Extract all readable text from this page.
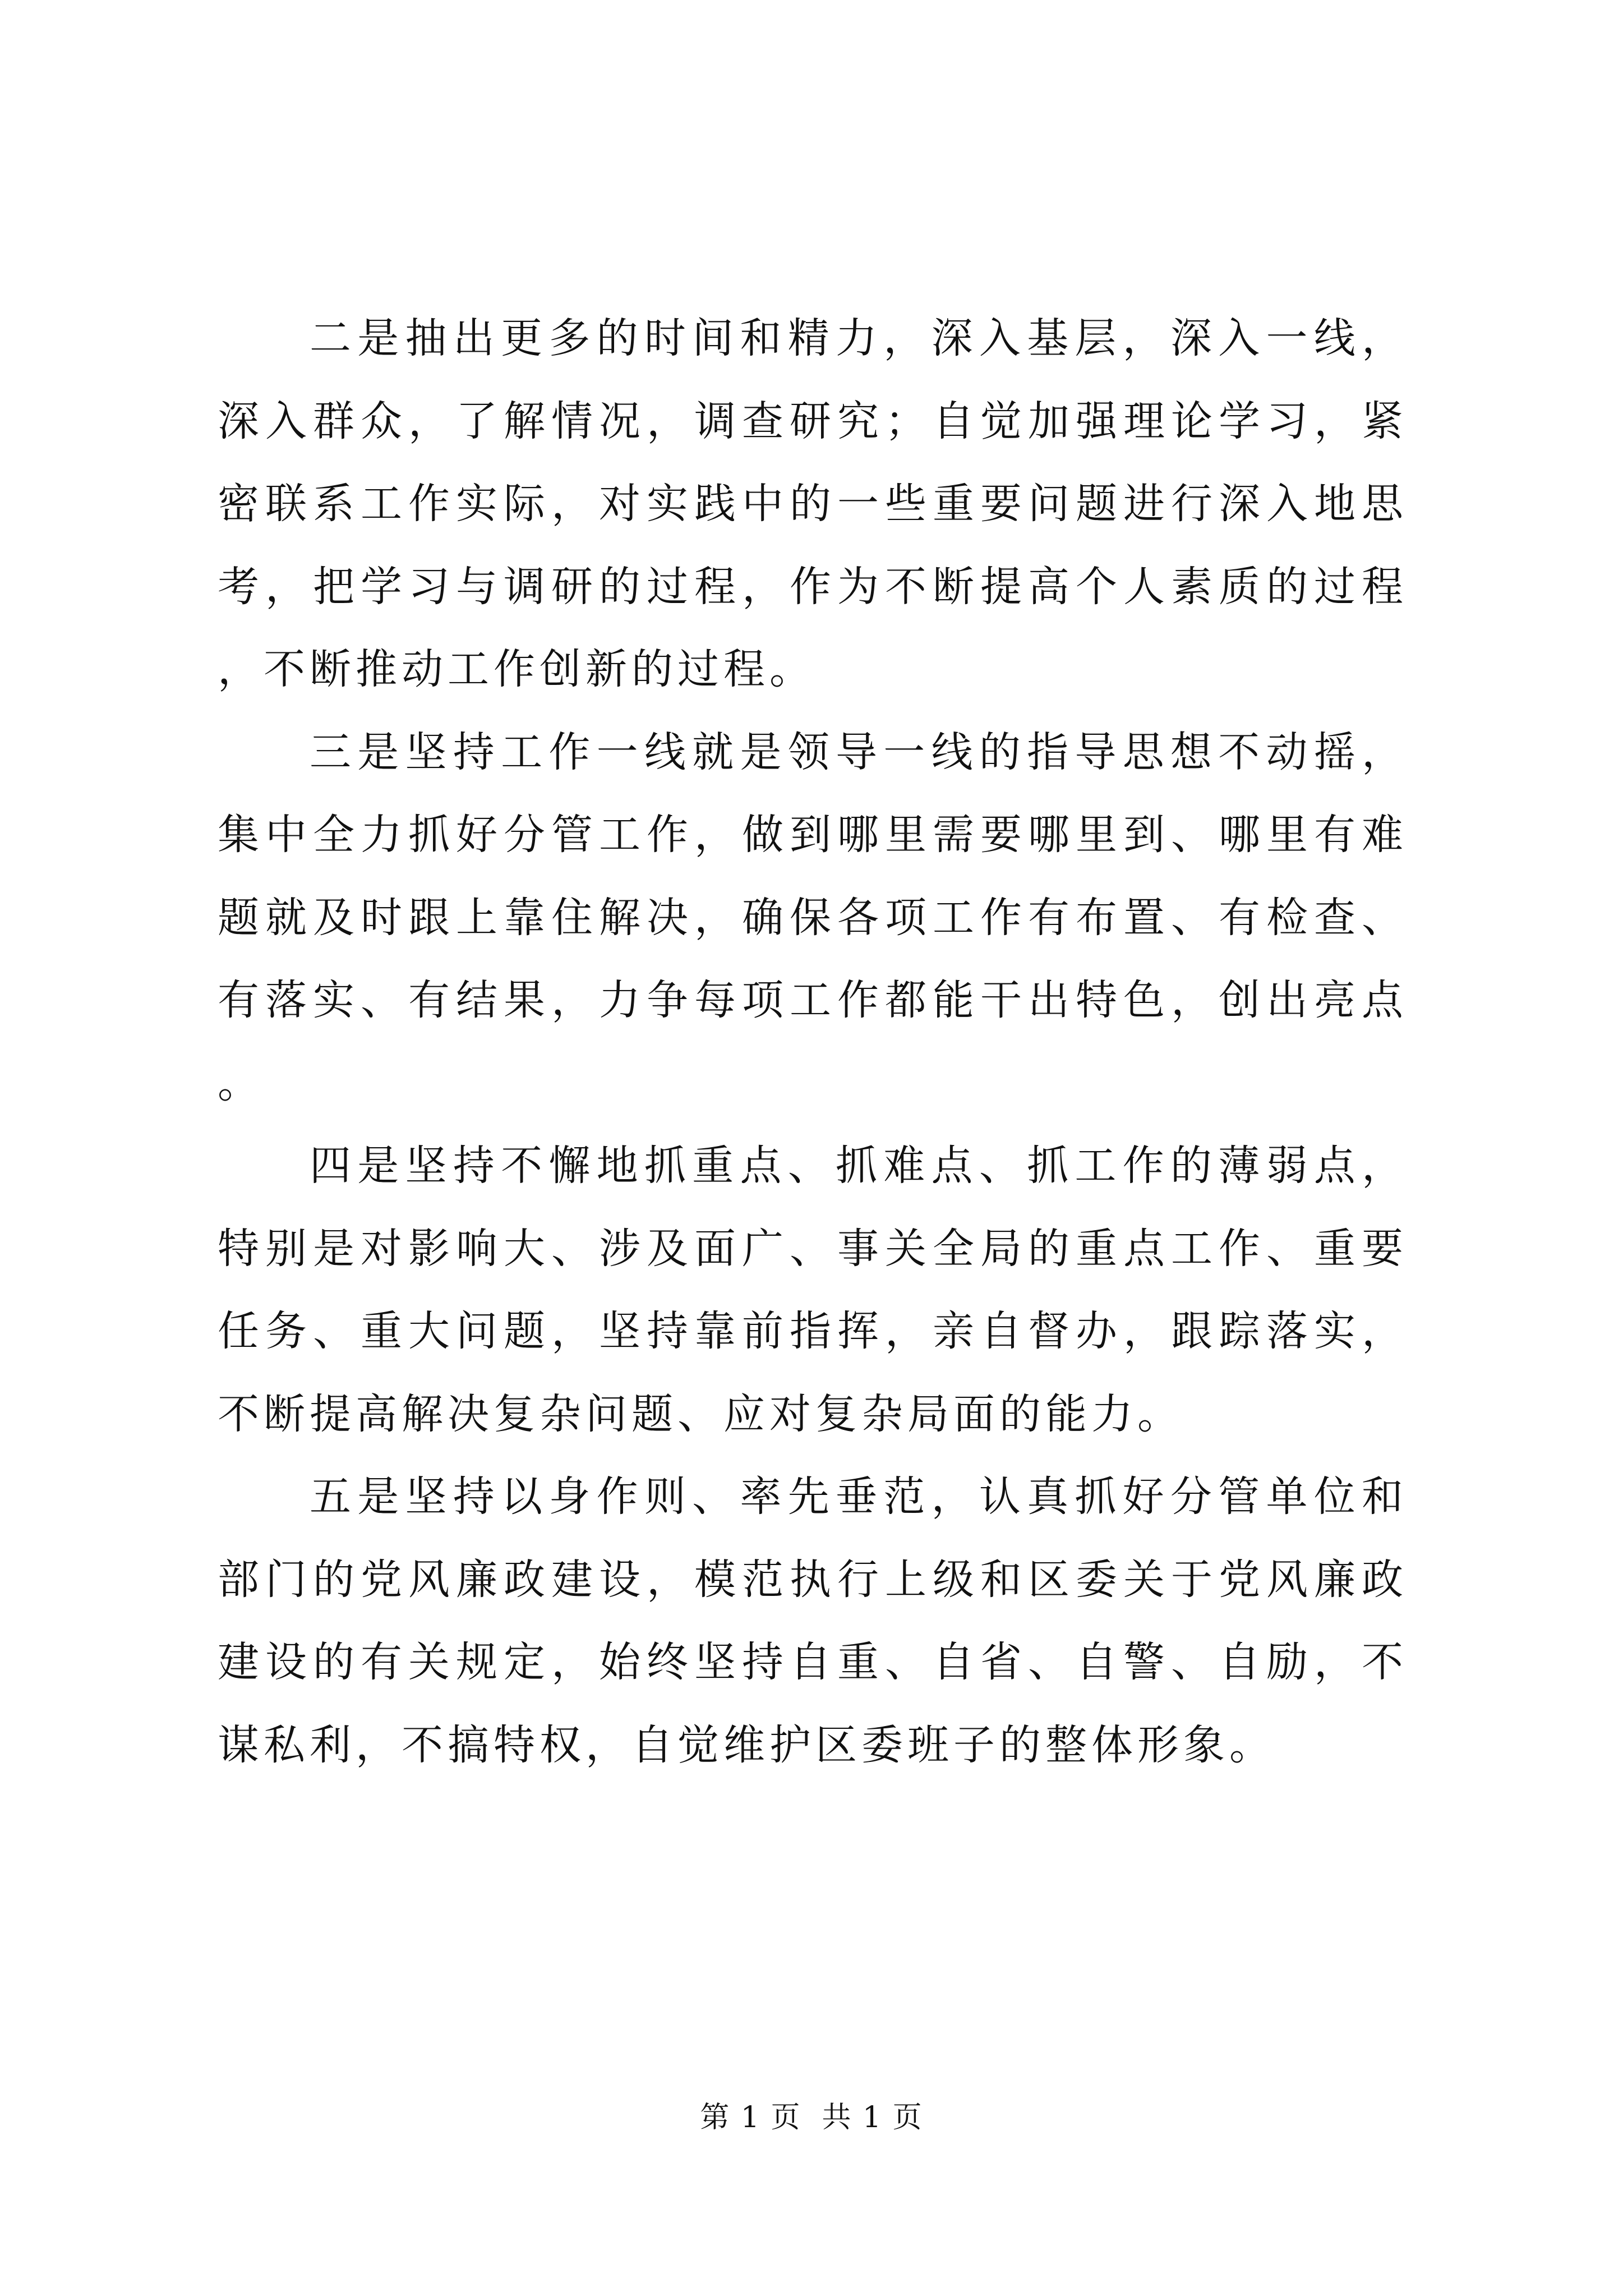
二是抽出更多的时间和精力，深入基层，深入一线，深入群众，了解情况，调查研究；自觉加强理论学习，紧密联系工作实际，对实践中的一些重要问题进行深入地思考，把学习与调研的过程，作为不断提高个人素质的过程，不断推动工作创新的过程。

三是坚持工作一线就是领导一线的指导思想不动摇，集中全力抓好分管工作，做到哪里需要哪里到、哪里有难题就及时跟上靠住解决，确保各项工作有布置、有检查、有落实、有结果，力争每项工作都能干出特色，创出亮点。

四是坚持不懈地抓重点、抓难点、抓工作的薄弱点，特别是对影响大、涉及面广、事关全局的重点工作、重要任务、重大问题，坚持靠前指挥，亲自督办，跟踪落实，不断提高解决复杂问题、应对复杂局面的能力。

五是坚持以身作则、率先垂范，认真抓好分管单位和部门的党风廉政建设，模范执行上级和区委关于党风廉政建设的有关规定，始终坚持自重、自省、自警、自励，不谋私利，不搞特权，自觉维护区委班子的整体形象。

第 1 页  共 1 页
